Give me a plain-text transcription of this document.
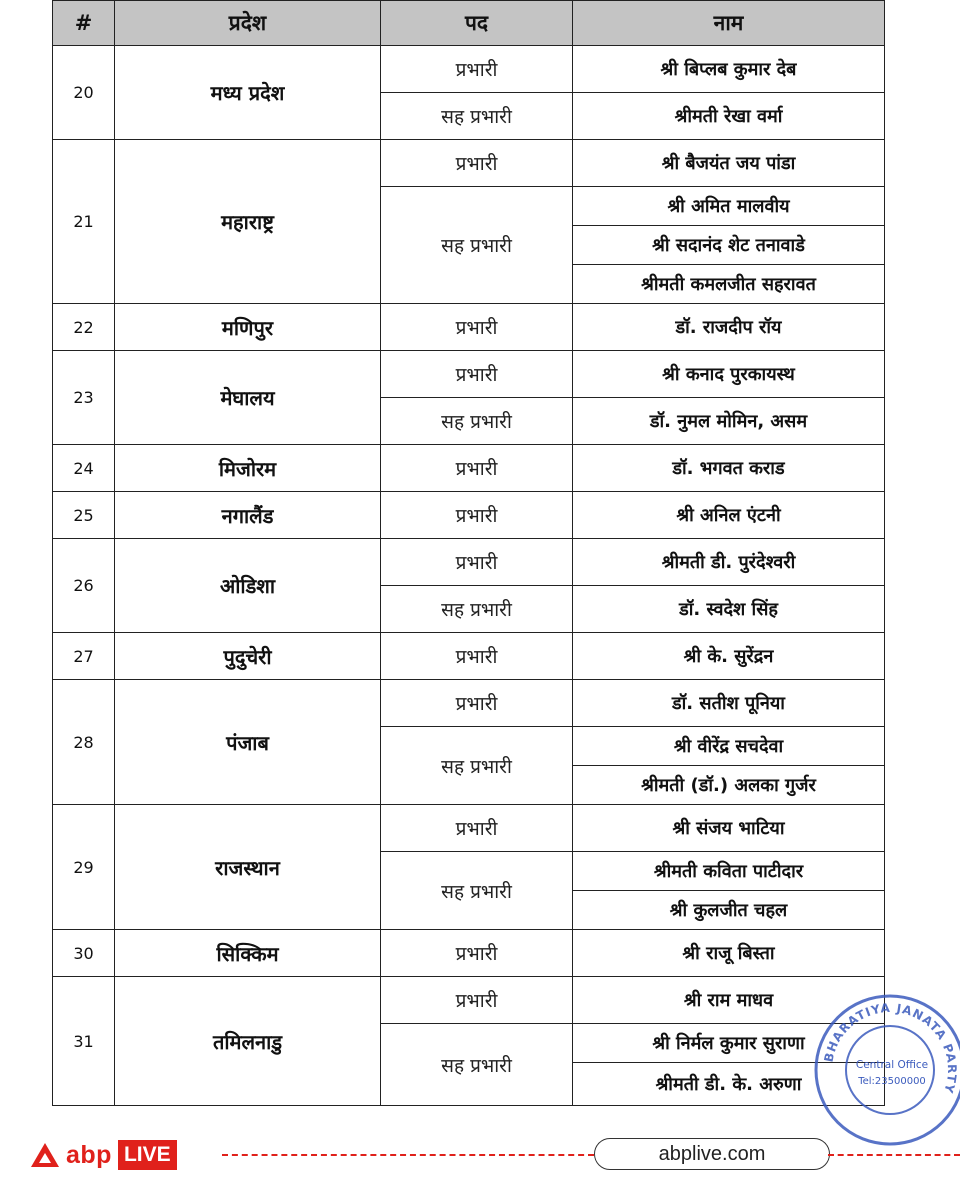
#	प्रदेश	पद	नाम
20	मध्य प्रदेश	प्रभारी	श्री बिप्लब कुमार देब
		सह प्रभारी	श्रीमती रेखा वर्मा
21	महाराष्ट्र	प्रभारी	श्री बैजयंत जय पांडा
		सह प्रभारी	श्री अमित मालवीय
			श्री सदानंद शेट तनावाडे
			श्रीमती कमलजीत सहरावत
22	मणिपुर	प्रभारी	डॉ. राजदीप रॉय
23	मेघालय	प्रभारी	श्री कनाद पुरकायस्थ
		सह प्रभारी	डॉ. नुमल मोमिन, असम
24	मिजोरम	प्रभारी	डॉ. भगवत कराड
25	नगालैंड	प्रभारी	श्री अनिल एंटनी
26	ओडिशा	प्रभारी	श्रीमती डी. पुरंदेश्वरी
		सह प्रभारी	डॉ. स्वदेश सिंह
27	पुदुचेरी	प्रभारी	श्री के. सुरेंद्रन
28	पंजाब	प्रभारी	डॉ. सतीश पूनिया
		सह प्रभारी	श्री वीरेंद्र सचदेवा
			श्रीमती (डॉ.) अलका गुर्जर
29	राजस्थान	प्रभारी	श्री संजय भाटिया
		सह प्रभारी	श्रीमती कविता पाटीदार
			श्री कुलजीत चहल
30	सिक्किम	प्रभारी	श्री राजू बिस्ता
31	तमिलनाडु	प्रभारी	श्री राम माधव
		सह प्रभारी	श्री निर्मल कुमार सुराणा
			श्रीमती डी. के. अरुणा
BHARATIYA JANATA PARTY
Central Office
Tel:23500000
abp LIVE	abplive.com
